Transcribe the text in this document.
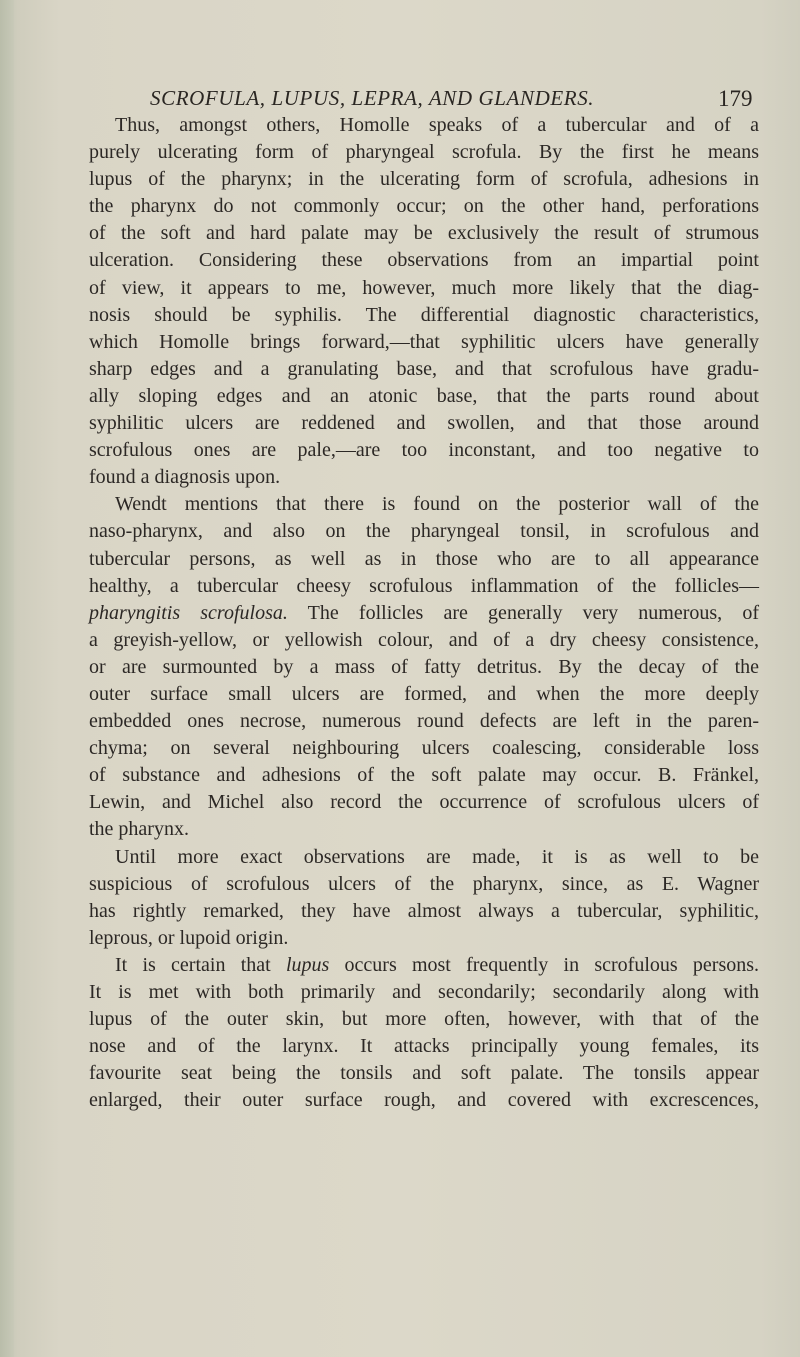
SCROFULA, LUPUS, LEPRA, AND GLANDERS.	179
Thus, amongst others, Homolle speaks of a tubercular and of a
purely ulcerating form of pharyngeal scrofula. By the first he means
lupus of the pharynx; in the ulcerating form of scrofula, adhesions in
the pharynx do not commonly occur; on the other hand, perforations
of the soft and hard palate may be exclusively the result of strumous
ulceration. Considering these observations from an impartial point
of view, it appears to me, however, much more likely that the diag-
nosis should be syphilis. The differential diagnostic characteristics,
which Homolle brings forward,—that syphilitic ulcers have generally
sharp edges and a granulating base, and that scrofulous have gradu-
ally sloping edges and an atonic base, that the parts round about
syphilitic ulcers are reddened and swollen, and that those around
scrofulous ones are pale,—are too inconstant, and too negative to
found a diagnosis upon.
Wendt mentions that there is found on the posterior wall of the
naso-pharynx, and also on the pharyngeal tonsil, in scrofulous and
tubercular persons, as well as in those who are to all appearance
healthy, a tubercular cheesy scrofulous inflammation of the follicles—
pharyngitis scrofulosa. The follicles are generally very numerous, of
a greyish-yellow, or yellowish colour, and of a dry cheesy consistence,
or are surmounted by a mass of fatty detritus. By the decay of the
outer surface small ulcers are formed, and when the more deeply
embedded ones necrose, numerous round defects are left in the paren-
chyma; on several neighbouring ulcers coalescing, considerable loss
of substance and adhesions of the soft palate may occur. B. Fränkel,
Lewin, and Michel also record the occurrence of scrofulous ulcers of
the pharynx.
Until more exact observations are made, it is as well to be
suspicious of scrofulous ulcers of the pharynx, since, as E. Wagner
has rightly remarked, they have almost always a tubercular, syphilitic,
leprous, or lupoid origin.
It is certain that lupus occurs most frequently in scrofulous persons.
It is met with both primarily and secondarily; secondarily along with
lupus of the outer skin, but more often, however, with that of the
nose and of the larynx. It attacks principally young females, its
favourite seat being the tonsils and soft palate. The tonsils appear
enlarged, their outer surface rough, and covered with excrescences,
